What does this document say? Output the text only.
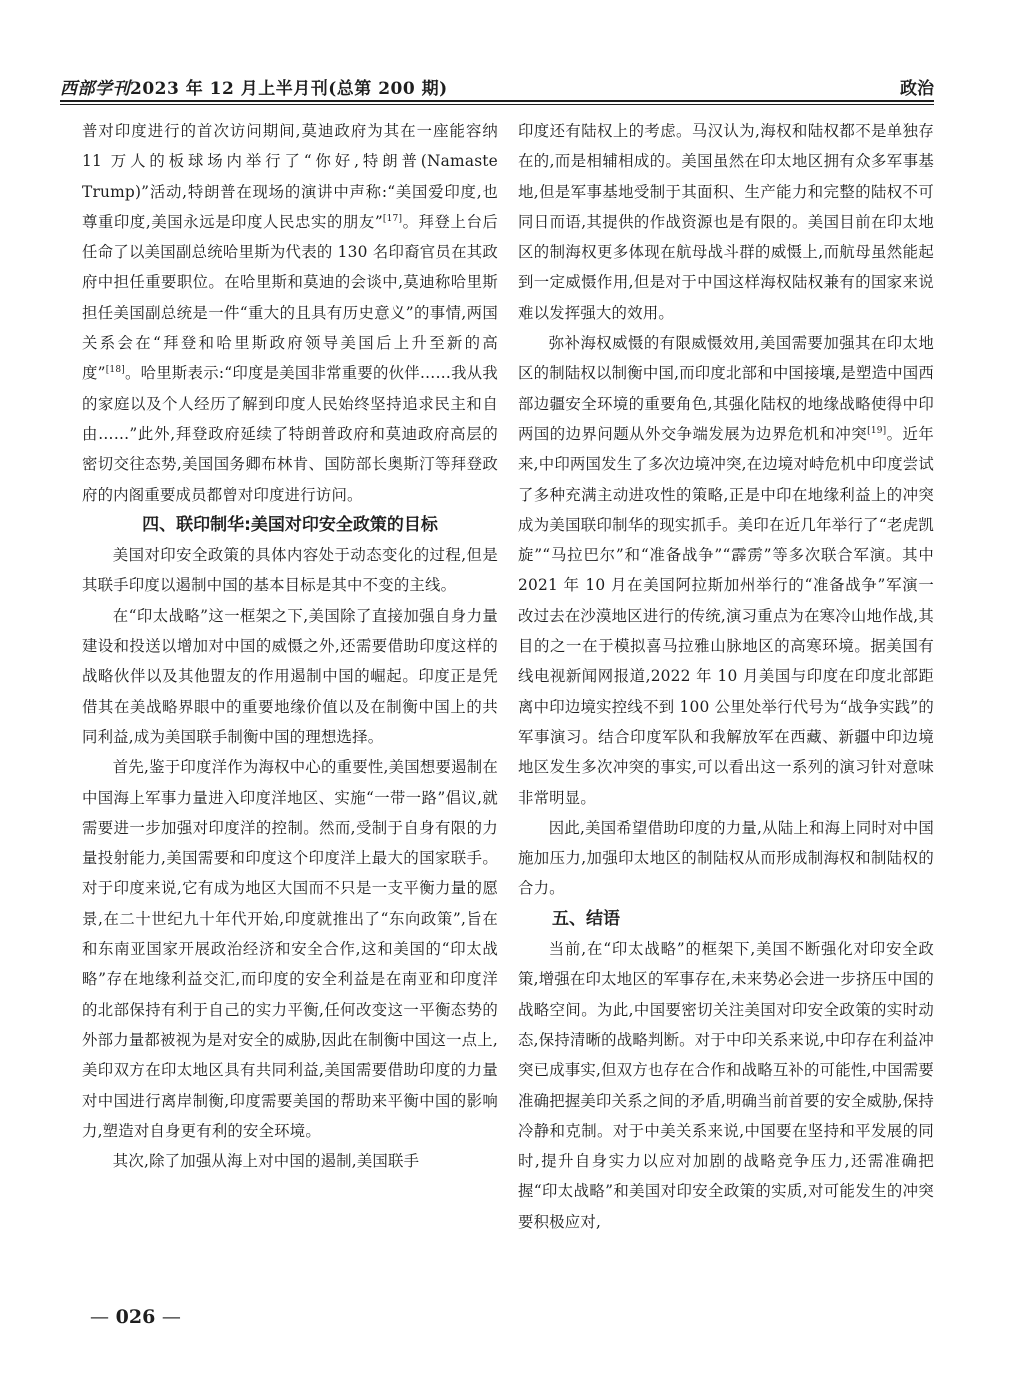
西部学刊2023 年 12 月上半月刊(总第 200 期)	政治

普对印度进行的首次访问期间,莫迪政府为其在一座能容纳 11 万人的板球场内举行了“你好,特朗普(Namaste Trump)”活动,特朗普在现场的演讲中声称:“美国爱印度,也尊重印度,美国永远是印度人民忠实的朋友”[17]。拜登上台后任命了以美国副总统哈里斯为代表的 130 名印裔官员在其政府中担任重要职位。在哈里斯和莫迪的会谈中,莫迪称哈里斯担任美国副总统是一件“重大的且具有历史意义”的事情,两国关系会在“拜登和哈里斯政府领导美国后上升至新的高度”[18]。哈里斯表示:“印度是美国非常重要的伙伴……我从我的家庭以及个人经历了解到印度人民始终坚持追求民主和自由……”此外,拜登政府延续了特朗普政府和莫迪政府高层的密切交往态势,美国国务卿布林肯、国防部长奥斯汀等拜登政府的内阁重要成员都曾对印度进行访问。

四、联印制华:美国对印安全政策的目标

美国对印安全政策的具体内容处于动态变化的过程,但是其联手印度以遏制中国的基本目标是其中不变的主线。

在“印太战略”这一框架之下,美国除了直接加强自身力量建设和投送以增加对中国的威慑之外,还需要借助印度这样的战略伙伴以及其他盟友的作用遏制中国的崛起。印度正是凭借其在美战略界眼中的重要地缘价值以及在制衡中国上的共同利益,成为美国联手制衡中国的理想选择。

首先,鉴于印度洋作为海权中心的重要性,美国想要遏制在中国海上军事力量进入印度洋地区、实施“一带一路”倡议,就需要进一步加强对印度洋的控制。然而,受制于自身有限的力量投射能力,美国需要和印度这个印度洋上最大的国家联手。对于印度来说,它有成为地区大国而不只是一支平衡力量的愿景,在二十世纪九十年代开始,印度就推出了“东向政策”,旨在和东南亚国家开展政治经济和安全合作,这和美国的“印太战略”存在地缘利益交汇,而印度的安全利益是在南亚和印度洋的北部保持有利于自己的实力平衡,任何改变这一平衡态势的外部力量都被视为是对安全的威胁,因此在制衡中国这一点上,美印双方在印太地区具有共同利益,美国需要借助印度的力量对中国进行离岸制衡,印度需要美国的帮助来平衡中国的影响力,塑造对自身更有利的安全环境。

其次,除了加强从海上对中国的遏制,美国联手

印度还有陆权上的考虑。马汉认为,海权和陆权都不是单独存在的,而是相辅相成的。美国虽然在印太地区拥有众多军事基地,但是军事基地受制于其面积、生产能力和完整的陆权不可同日而语,其提供的作战资源也是有限的。美国目前在印太地区的制海权更多体现在航母战斗群的威慑上,而航母虽然能起到一定威慑作用,但是对于中国这样海权陆权兼有的国家来说难以发挥强大的效用。

弥补海权威慑的有限威慑效用,美国需要加强其在印太地区的制陆权以制衡中国,而印度北部和中国接壤,是塑造中国西部边疆安全环境的重要角色,其强化陆权的地缘战略使得中印两国的边界问题从外交争端发展为边界危机和冲突[19]。近年来,中印两国发生了多次边境冲突,在边境对峙危机中印度尝试了多种充满主动进攻性的策略,正是中印在地缘利益上的冲突成为美国联印制华的现实抓手。美印在近几年举行了“老虎凯旋”“马拉巴尔”和“准备战争”“霹雳”等多次联合军演。其中 2021 年 10 月在美国阿拉斯加州举行的“准备战争”军演一改过去在沙漠地区进行的传统,演习重点为在寒冷山地作战,其目的之一在于模拟喜马拉雅山脉地区的高寒环境。据美国有线电视新闻网报道,2022 年 10 月美国与印度在印度北部距离中印边境实控线不到 100 公里处举行代号为“战争实践”的军事演习。结合印度军队和我解放军在西藏、新疆中印边境地区发生多次冲突的事实,可以看出这一系列的演习针对意味非常明显。

因此,美国希望借助印度的力量,从陆上和海上同时对中国施加压力,加强印太地区的制陆权从而形成制海权和制陆权的合力。

五、结语

当前,在“印太战略”的框架下,美国不断强化对印安全政策,增强在印太地区的军事存在,未来势必会进一步挤压中国的战略空间。为此,中国要密切关注美国对印安全政策的实时动态,保持清晰的战略判断。对于中印关系来说,中印存在利益冲突已成事实,但双方也存在合作和战略互补的可能性,中国需要准确把握美印关系之间的矛盾,明确当前首要的安全威胁,保持冷静和克制。对于中美关系来说,中国要在坚持和平发展的同时,提升自身实力以应对加剧的战略竞争压力,还需准确把握“印太战略”和美国对印安全政策的实质,对可能发生的冲突要积极应对,

— 026 —
